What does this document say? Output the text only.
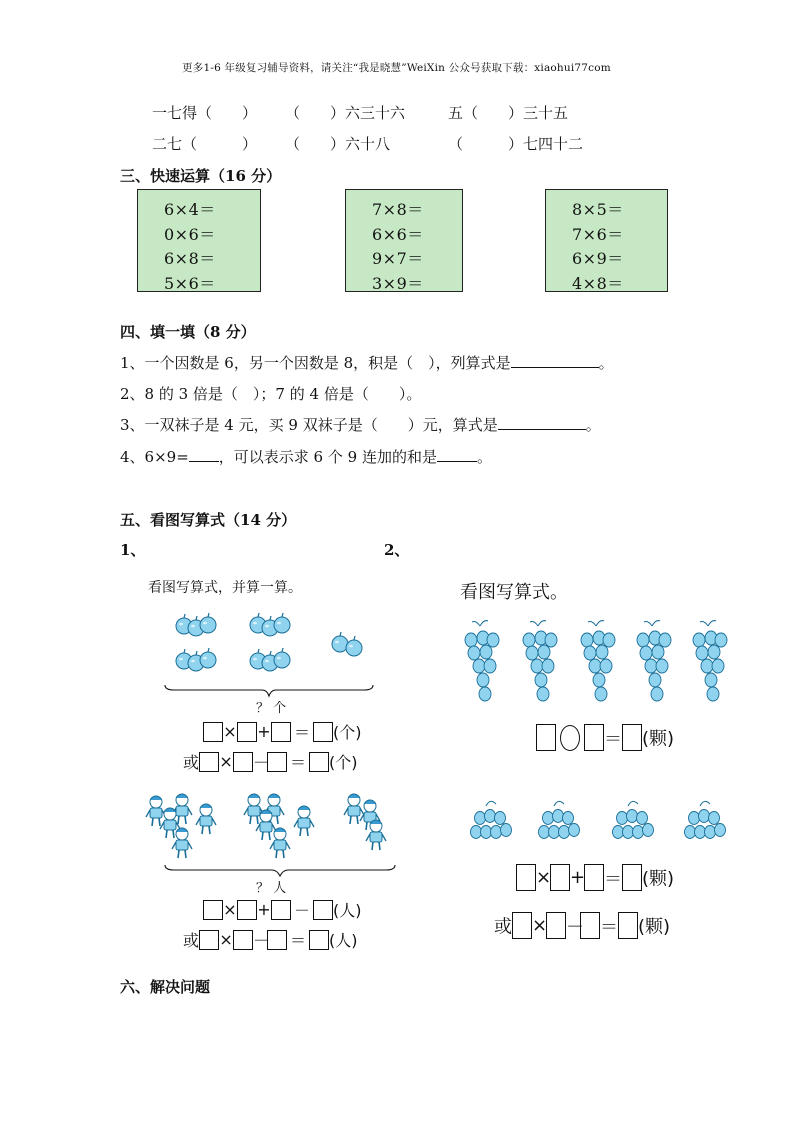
更多1-6 年级复习辅导资料，请关注“我是晓慧”WeiXin 公众号获取下载：xiaohui77com
一七得（　　） （　　）六三十六	五（　　）三十五
二七（　　　） （　　）六十八	（　　　）七四十二
三、快速运算（16 分）
6×4＝
0×6＝
6×8＝
5×6＝
7×8＝
6×6＝
9×7＝
3×9＝
8×5＝
7×6＝
6×9＝
4×8＝
四、填一填（8 分）
1、一个因数是 6，另一个因数是 8，积是（　），列算式是	。
2、8 的 3 倍是（　）；7 的 4 倍是（　　）。
3、一双袜子是 4 元，买 9 双袜子是（　　）元，算式是	。
4、6×9= ，可以表示求 6 个 9 连加的和是	。
五、看图写算式（14 分）
1、	2、
看图写算式，并算一算。	看图写算式。
？ 个
× + ＝ (个)
或 × － ＝ (个)
？ 人
× + － (人)
或 × － ＝ (人)
＝ (颗)
× + ＝ (颗)
或 × － ＝ (颗)
六、解决问题
